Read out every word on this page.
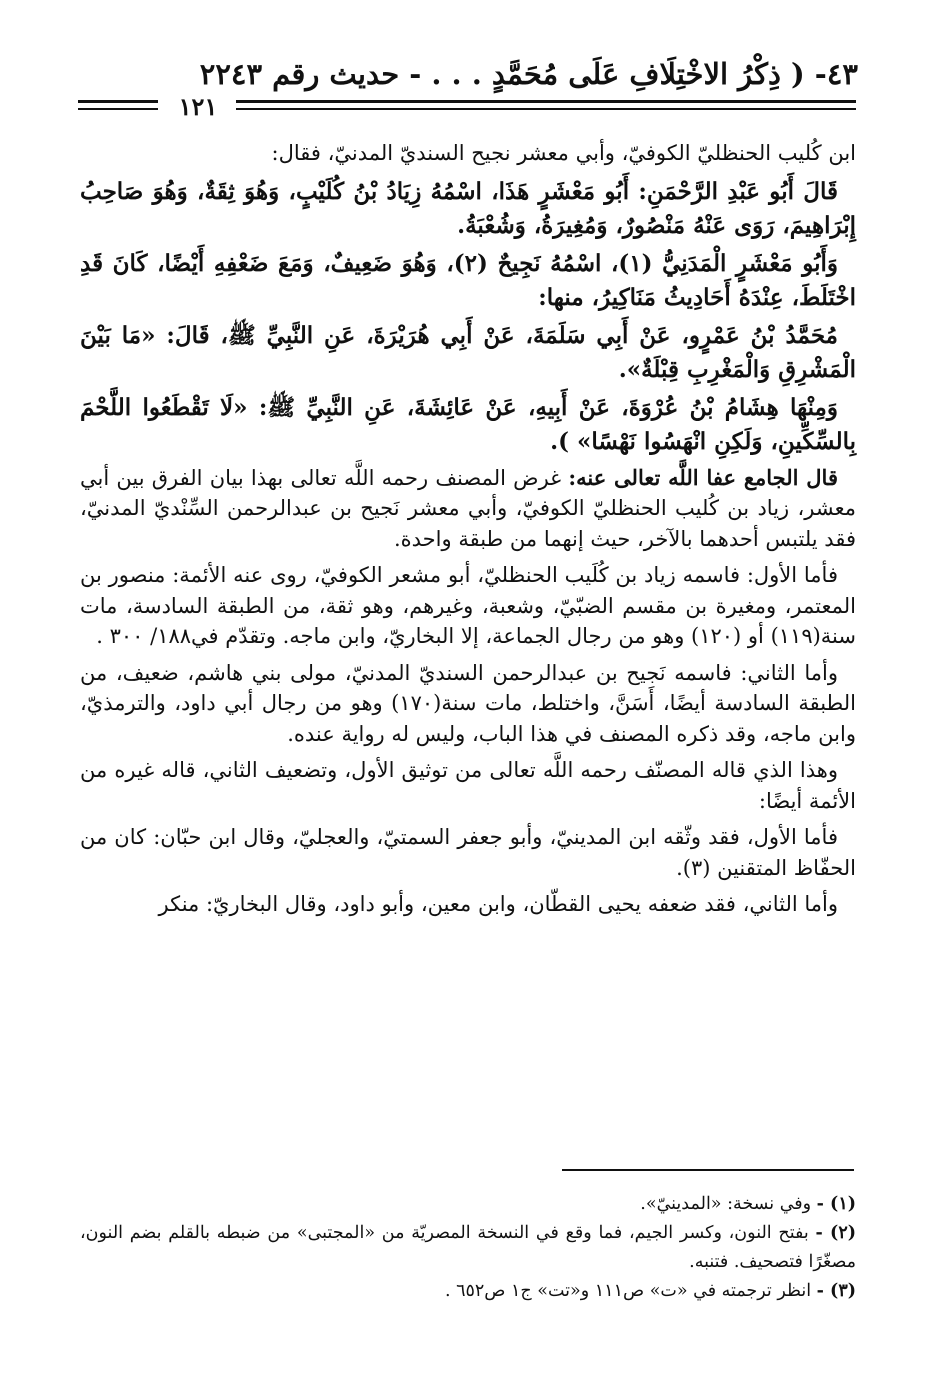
٤٣- ( ذِكْرُ الاخْتِلَافِ عَلَى مُحَمَّدٍ . . . - حديث رقم ٢٢٤٣
١٢١

ابن كُليب الحنظليّ الكوفيّ، وأبي معشر نجيح السنديّ المدنيّ، فقال:

قَالَ أَبُو عَبْدِ الرَّحْمَنِ: أَبُو مَعْشَرٍ هَذَا، اسْمُهُ زِيَادُ بْنُ كُلَيْبٍ، وَهُوَ ثِقَةٌ، وَهُوَ صَاحِبُ إِبْرَاهِيمَ، رَوَى عَنْهُ مَنْصُورٌ، وَمُغِيرَةُ، وَشُعْبَةُ.

وَأَبُو مَعْشَرٍ الْمَدَنِيُّ (١)، اسْمُهُ نَجِيحٌ (٢)، وَهُوَ ضَعِيفٌ، وَمَعَ ضَعْفِهِ أَيْضًا، كَانَ قَدِ اخْتَلَطَ، عِنْدَهُ أَحَادِيثُ مَنَاكِيرُ، منها:

مُحَمَّدُ بْنُ عَمْرٍو، عَنْ أَبِي سَلَمَةَ، عَنْ أَبِي هُرَيْرَةَ، عَنِ النَّبِيِّ ﷺ، قَالَ: «مَا بَيْنَ الْمَشْرِقِ وَالْمَغْرِبِ قِبْلَةٌ».

وَمِنْهَا هِشَامُ بْنُ عُرْوَةَ، عَنْ أَبِيهِ، عَنْ عَائِشَةَ، عَنِ النَّبِيِّ ﷺ: «لَا تَقْطَعُوا اللَّحْمَ بِالسِّكِّينِ، وَلَكِنِ انْهَسُوا نَهْسًا» ).

قال الجامع عفا اللَّه تعالى عنه: غرض المصنف رحمه اللَّه تعالى بهذا بيان الفرق بين أبي معشر، زياد بن كُليب الحنظليّ الكوفيّ، وأبي معشر نَجيح بن عبدالرحمن السِّنْديّ المدنيّ، فقد يلتبس أحدهما بالآخر، حيث إنهما من طبقة واحدة.

فأما الأول: فاسمه زياد بن كُلَيب الحنظليّ، أبو مشعر الكوفيّ، روى عنه الأئمة: منصور بن المعتمر، ومغيرة بن مقسم الضبّيّ، وشعبة، وغيرهم، وهو ثقة، من الطبقة السادسة، مات سنة(١١٩) أو (١٢٠) وهو من رجال الجماعة، إلا البخاريّ، وابن ماجه. وتقدّم في١٨٨/ ٣٠٠ .

وأما الثاني: فاسمه نَجيح بن عبدالرحمن السنديّ المدنيّ، مولى بني هاشم، ضعيف، من الطبقة السادسة أيضًا، أَسَنَّ، واختلط، مات سنة(١٧٠) وهو من رجال أبي داود، والترمذيّ، وابن ماجه، وقد ذكره المصنف في هذا الباب، وليس له رواية عنده.

وهذا الذي قاله المصنّف رحمه اللَّه تعالى من توثيق الأول، وتضعيف الثاني، قاله غيره من الأئمة أيضًا:

فأما الأول، فقد وثّقه ابن المدينيّ، وأبو جعفر السمتيّ، والعجليّ، وقال ابن حبّان: كان من الحفّاظ المتقنين (٣).

وأما الثاني، فقد ضعفه يحيى القطّان، وابن معين، وأبو داود، وقال البخاريّ: منكر

(١) - وفي نسخة: «المدينيّ».

(٢) - بفتح النون، وكسر الجيم، فما وقع في النسخة المصريّة من «المجتبى» من ضبطه بالقلم بضم النون، مصغّرًا فتصحيف. فتنبه.

(٣) - انظر ترجمته في «ت» ص١١١ و«تت» ج١ ص٦٥٢ .
